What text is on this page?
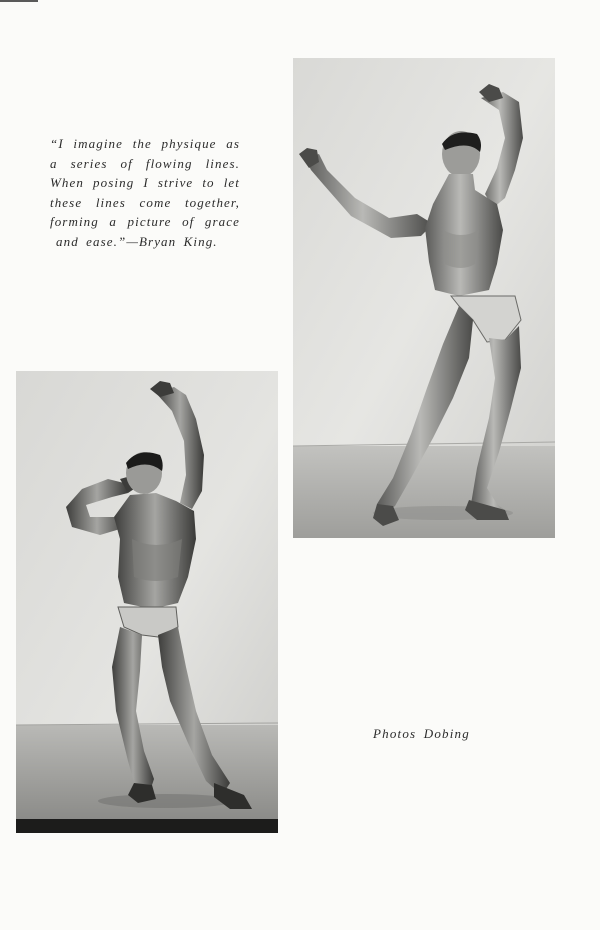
“I imagine the physique as
a series of flowing lines.
When posing I strive to let
these lines come together,
forming a picture of grace
and ease.”—Bryan King.
Photos Dobing
